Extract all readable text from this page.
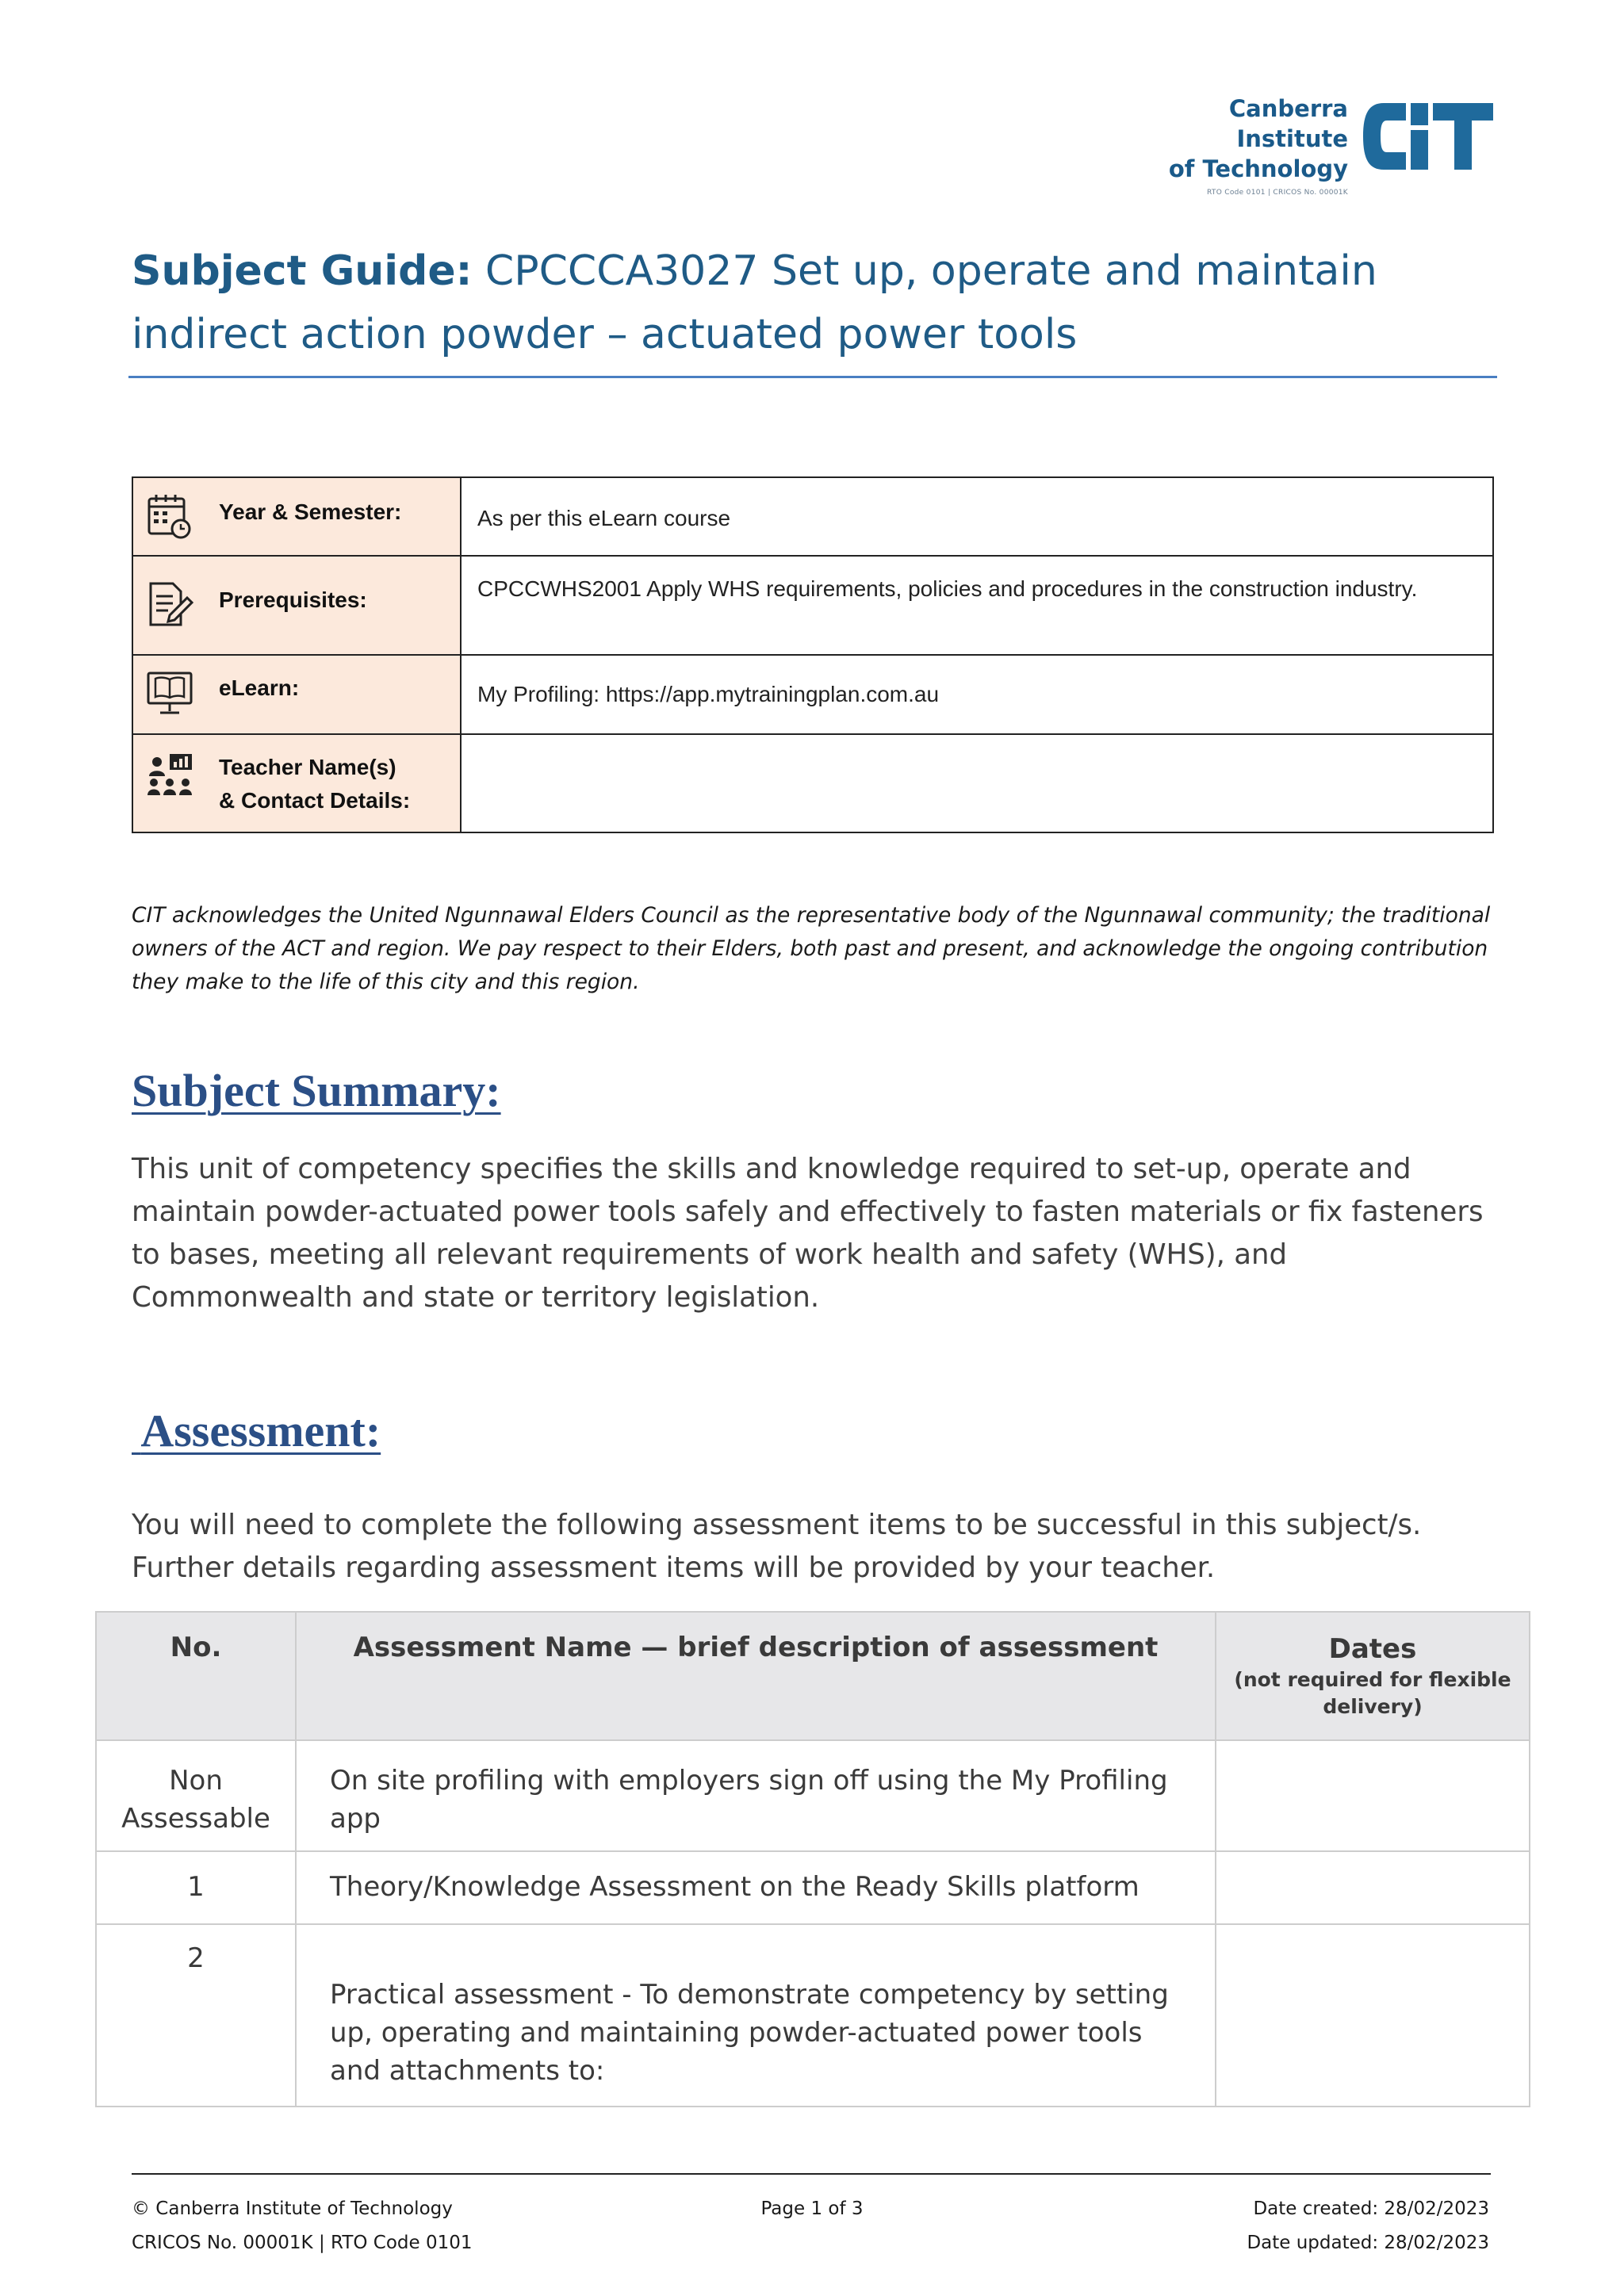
Canberra Institute
of Technology
RTO Code 0101 | CRICOS No. 00001K
Subject Guide: CPCCCA3027 Set up, operate and maintain indirect action powder – actuated power tools
Year & Semester:	As per this eLearn course

Prerequisites:	CPCCWHS2001 Apply WHS requirements, policies and procedures in the construction industry.

eLearn:	My Profiling: https://app.mytrainingplan.com.au

Teacher Name(s)
& Contact Details:	

CIT acknowledges the United Ngunnawal Elders Council as the representative body of the Ngunnawal community; the traditional owners of the ACT and region. We pay respect to their Elders, both past and present, and acknowledge the ongoing contribution they make to the life of this city and this region.
Subject Summary:
This unit of competency specifies the skills and knowledge required to set-up, operate and maintain powder-actuated power tools safely and effectively to fasten materials or fix fasteners to bases, meeting all relevant requirements of work health and safety (WHS), and Commonwealth and state or territory legislation.
Assessment:
You will need to complete the following assessment items to be successful in this subject/s. Further details regarding assessment items will be provided by your teacher.
No.	Assessment Name — brief description of assessment	Dates
(not required for flexible delivery)

Non Assessable	On site profiling with employers sign off using the My Profiling app	
1	Theory/Knowledge Assessment on the Ready Skills platform	
2	Practical assessment - To demonstrate competency by setting up, operating and maintaining powder-actuated power tools and attachments to:	
© Canberra Institute of Technology
CRICOS No. 00001K | RTO Code 0101
Page 1 of 3	Date created: 28/02/2023
Date updated: 28/02/2023
